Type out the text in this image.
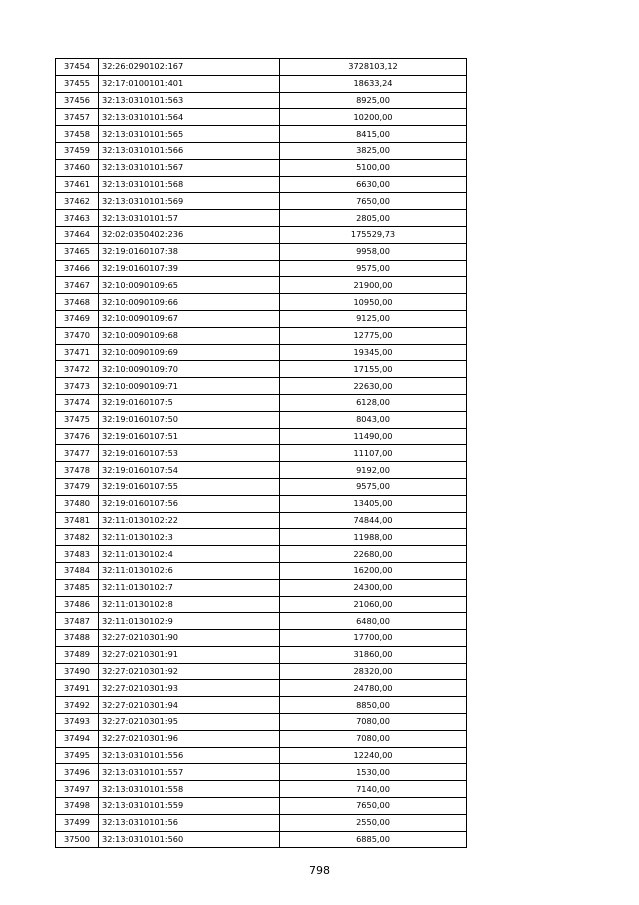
37454	32:26:0290102:167	3728103,12
37455	32:17:0100101:401	18633,24
37456	32:13:0310101:563	8925,00
37457	32:13:0310101:564	10200,00
37458	32:13:0310101:565	8415,00
37459	32:13:0310101:566	3825,00
37460	32:13:0310101:567	5100,00
37461	32:13:0310101:568	6630,00
37462	32:13:0310101:569	7650,00
37463	32:13:0310101:57	2805,00
37464	32:02:0350402:236	175529,73
37465	32:19:0160107:38	9958,00
37466	32:19:0160107:39	9575,00
37467	32:10:0090109:65	21900,00
37468	32:10:0090109:66	10950,00
37469	32:10:0090109:67	9125,00
37470	32:10:0090109:68	12775,00
37471	32:10:0090109:69	19345,00
37472	32:10:0090109:70	17155,00
37473	32:10:0090109:71	22630,00
37474	32:19:0160107:5	6128,00
37475	32:19:0160107:50	8043,00
37476	32:19:0160107:51	11490,00
37477	32:19:0160107:53	11107,00
37478	32:19:0160107:54	9192,00
37479	32:19:0160107:55	9575,00
37480	32:19:0160107:56	13405,00
37481	32:11:0130102:22	74844,00
37482	32:11:0130102:3	11988,00
37483	32:11:0130102:4	22680,00
37484	32:11:0130102:6	16200,00
37485	32:11:0130102:7	24300,00
37486	32:11:0130102:8	21060,00
37487	32:11:0130102:9	6480,00
37488	32:27:0210301:90	17700,00
37489	32:27:0210301:91	31860,00
37490	32:27:0210301:92	28320,00
37491	32:27:0210301:93	24780,00
37492	32:27:0210301:94	8850,00
37493	32:27:0210301:95	7080,00
37494	32:27:0210301:96	7080,00
37495	32:13:0310101:556	12240,00
37496	32:13:0310101:557	1530,00
37497	32:13:0310101:558	7140,00
37498	32:13:0310101:559	7650,00
37499	32:13:0310101:56	2550,00
37500	32:13:0310101:560	6885,00
798
